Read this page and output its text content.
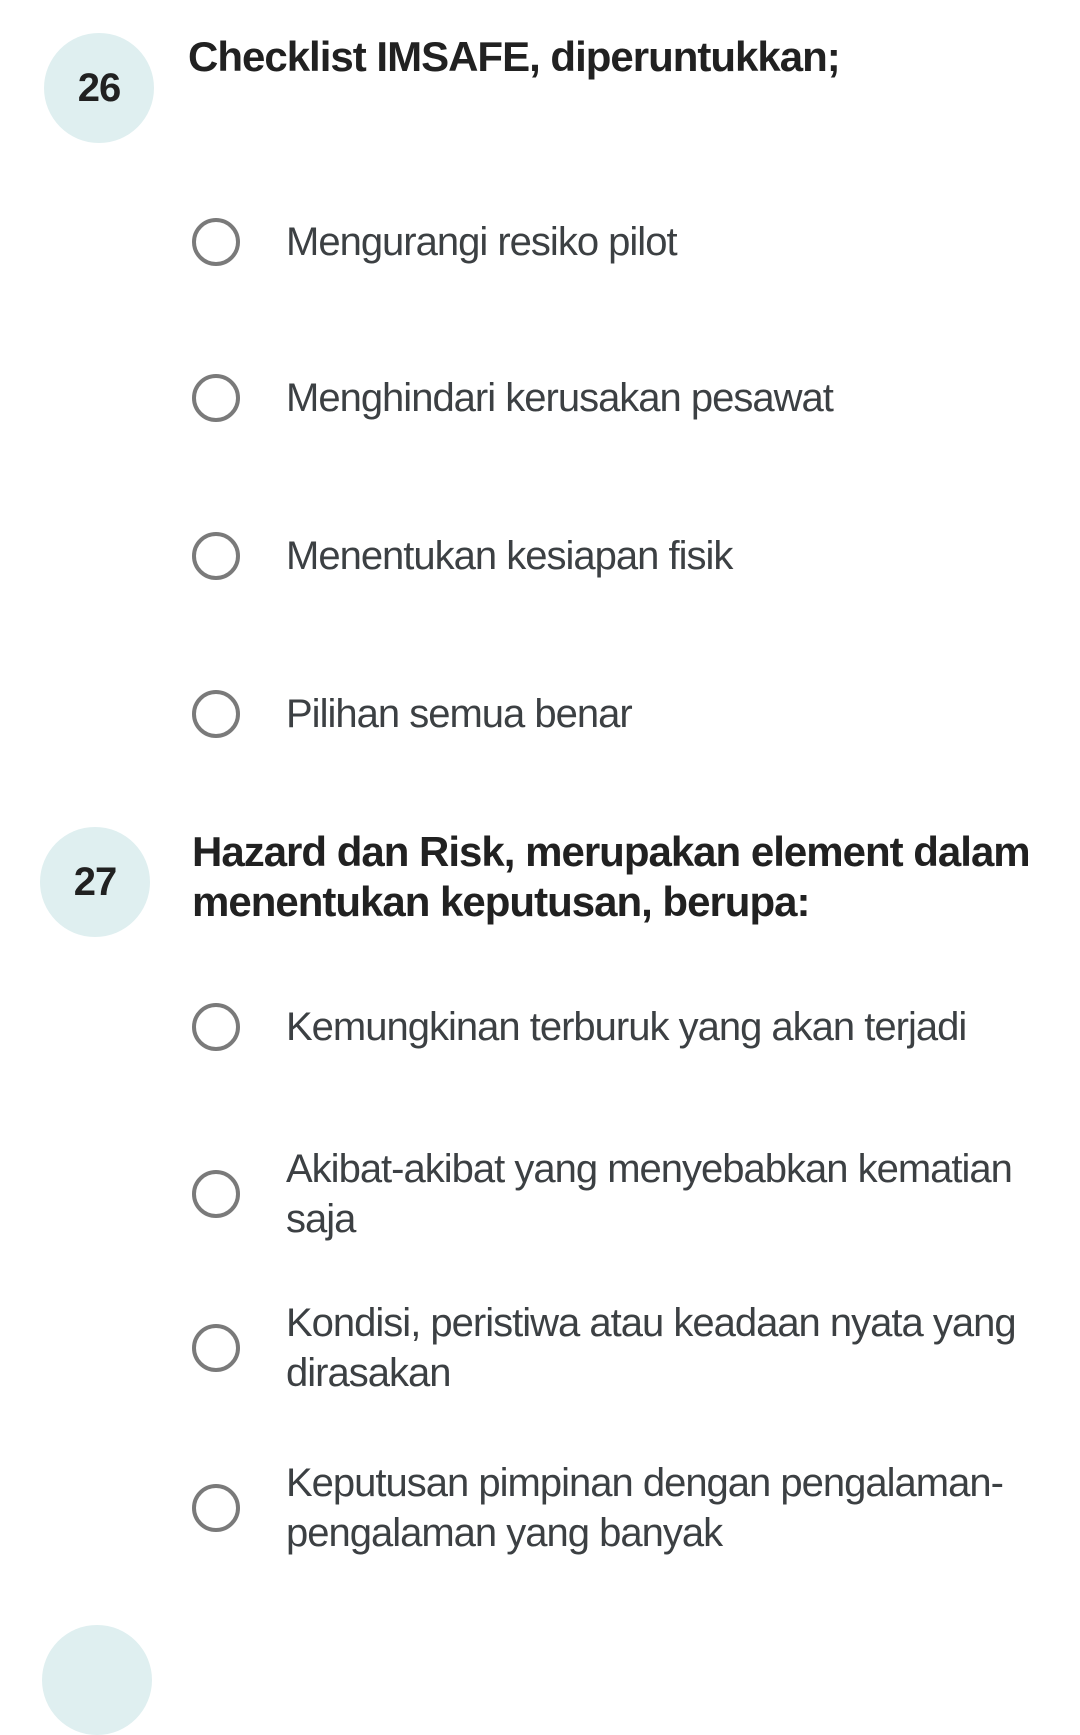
26
Checklist IMSAFE, diperuntukkan;
Mengurangi resiko pilot
Menghindari kerusakan pesawat
Menentukan kesiapan fisik
Pilihan semua benar
27
Hazard dan Risk, merupakan element dalam
menentukan keputusan, berupa:
Kemungkinan terburuk yang akan terjadi
Akibat-akibat yang menyebabkan kematian
saja
Kondisi, peristiwa atau keadaan nyata yang
dirasakan
Keputusan pimpinan dengan pengalaman-
pengalaman yang banyak
